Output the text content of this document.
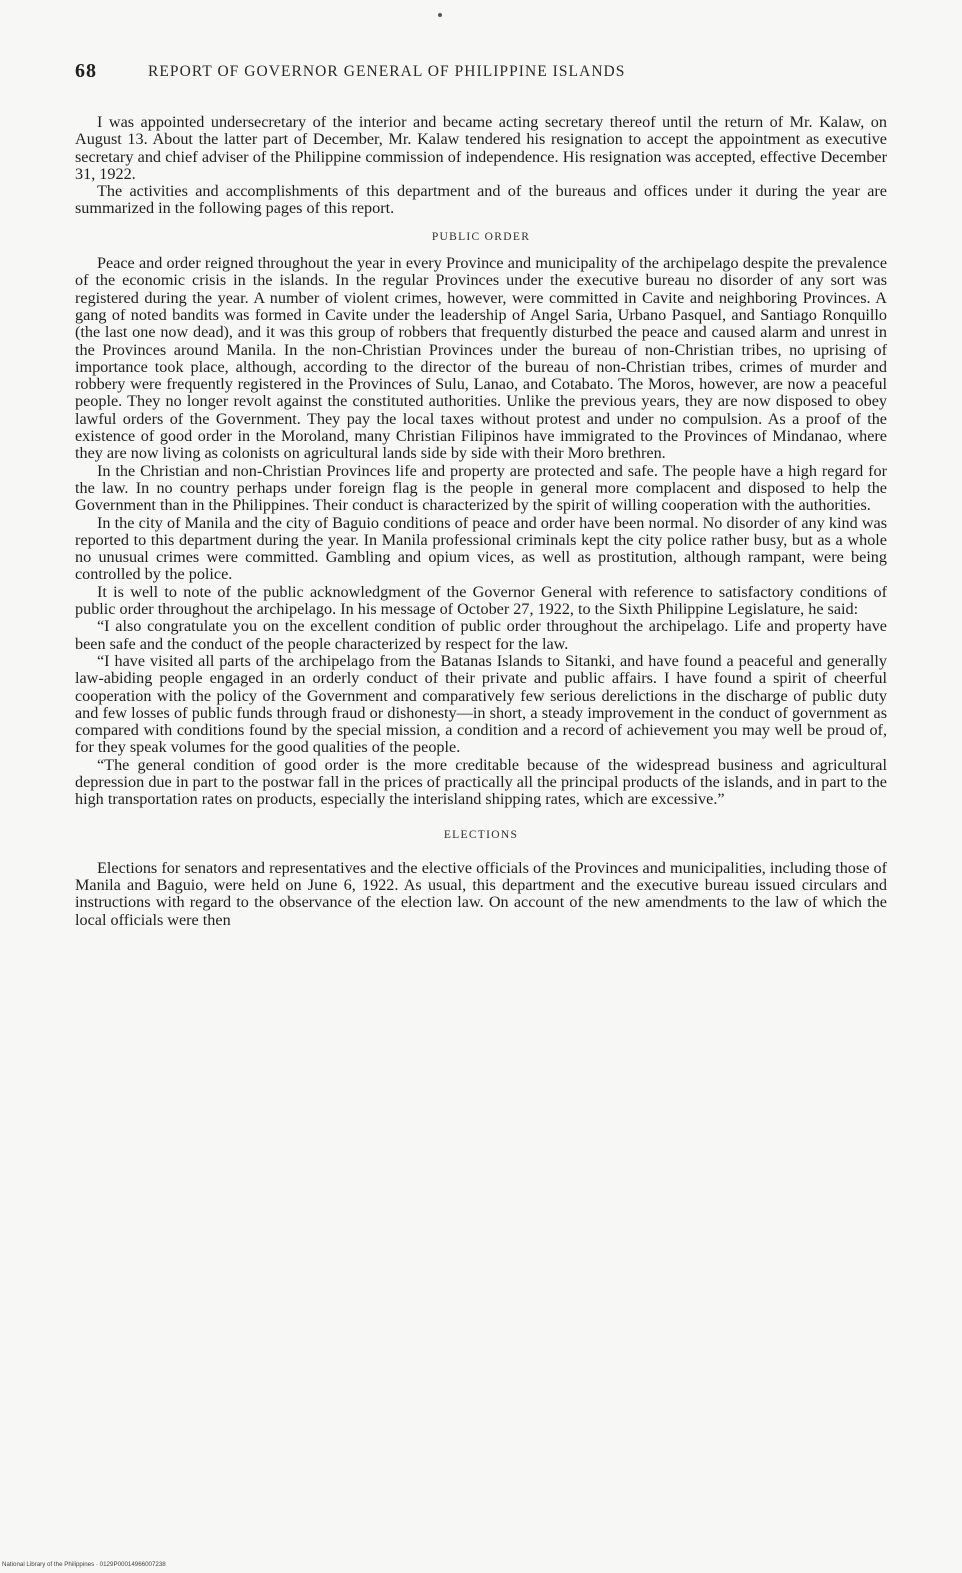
68	REPORT OF GOVERNOR GENERAL OF PHILIPPINE ISLANDS

I was appointed undersecretary of the interior and became acting secretary thereof until the return of Mr. Kalaw, on August 13. About the latter part of December, Mr. Kalaw tendered his resignation to accept the appointment as executive secretary and chief adviser of the Philippine commission of independence. His resignation was accepted, effective December 31, 1922.

The activities and accomplishments of this department and of the bureaus and offices under it during the year are summarized in the following pages of this report.

PUBLIC ORDER

Peace and order reigned throughout the year in every Province and municipality of the archipelago despite the prevalence of the economic crisis in the islands. In the regular Provinces under the executive bureau no disorder of any sort was registered during the year. A number of violent crimes, however, were committed in Cavite and neighboring Provinces. A gang of noted bandits was formed in Cavite under the leadership of Angel Saria, Urbano Pasquel, and Santiago Ronquillo (the last one now dead), and it was this group of robbers that frequently disturbed the peace and caused alarm and unrest in the Provinces around Manila. In the non-Christian Provinces under the bureau of non-Christian tribes, no uprising of importance took place, although, according to the director of the bureau of non-Christian tribes, crimes of murder and robbery were frequently registered in the Provinces of Sulu, Lanao, and Cotabato. The Moros, however, are now a peaceful people. They no longer revolt against the constituted authorities. Unlike the previous years, they are now disposed to obey lawful orders of the Government. They pay the local taxes without protest and under no compulsion. As a proof of the existence of good order in the Moroland, many Christian Filipinos have immigrated to the Provinces of Mindanao, where they are now living as colonists on agricultural lands side by side with their Moro brethren.

In the Christian and non-Christian Provinces life and property are protected and safe. The people have a high regard for the law. In no country perhaps under foreign flag is the people in general more complacent and disposed to help the Government than in the Philippines. Their conduct is characterized by the spirit of willing cooperation with the authorities.

In the city of Manila and the city of Baguio conditions of peace and order have been normal. No disorder of any kind was reported to this department during the year. In Manila professional criminals kept the city police rather busy, but as a whole no unusual crimes were committed. Gambling and opium vices, as well as prostitution, although rampant, were being controlled by the police.

It is well to note of the public acknowledgment of the Governor General with reference to satisfactory conditions of public order throughout the archipelago. In his message of October 27, 1922, to the Sixth Philippine Legislature, he said:

“I also congratulate you on the excellent condition of public order throughout the archipelago. Life and property have been safe and the conduct of the people characterized by respect for the law.

“I have visited all parts of the archipelago from the Batanas Islands to Sitanki, and have found a peaceful and generally law-abiding people engaged in an orderly conduct of their private and public affairs. I have found a spirit of cheerful cooperation with the policy of the Government and comparatively few serious derelictions in the discharge of public duty and few losses of public funds through fraud or dishonesty—in short, a steady improvement in the conduct of government as compared with conditions found by the special mission, a condition and a record of achievement you may well be proud of, for they speak volumes for the good qualities of the people.

“The general condition of good order is the more creditable because of the widespread business and agricultural depression due in part to the postwar fall in the prices of practically all the principal products of the islands, and in part to the high transportation rates on products, especially the interisland shipping rates, which are excessive.”

ELECTIONS

Elections for senators and representatives and the elective officials of the Provinces and municipalities, including those of Manila and Baguio, were held on June 6, 1922. As usual, this department and the executive bureau issued circulars and instructions with regard to the observance of the election law. On account of the new amendments to the law of which the local officials were then

National Library of the Philippines · 0129P00014966007238
